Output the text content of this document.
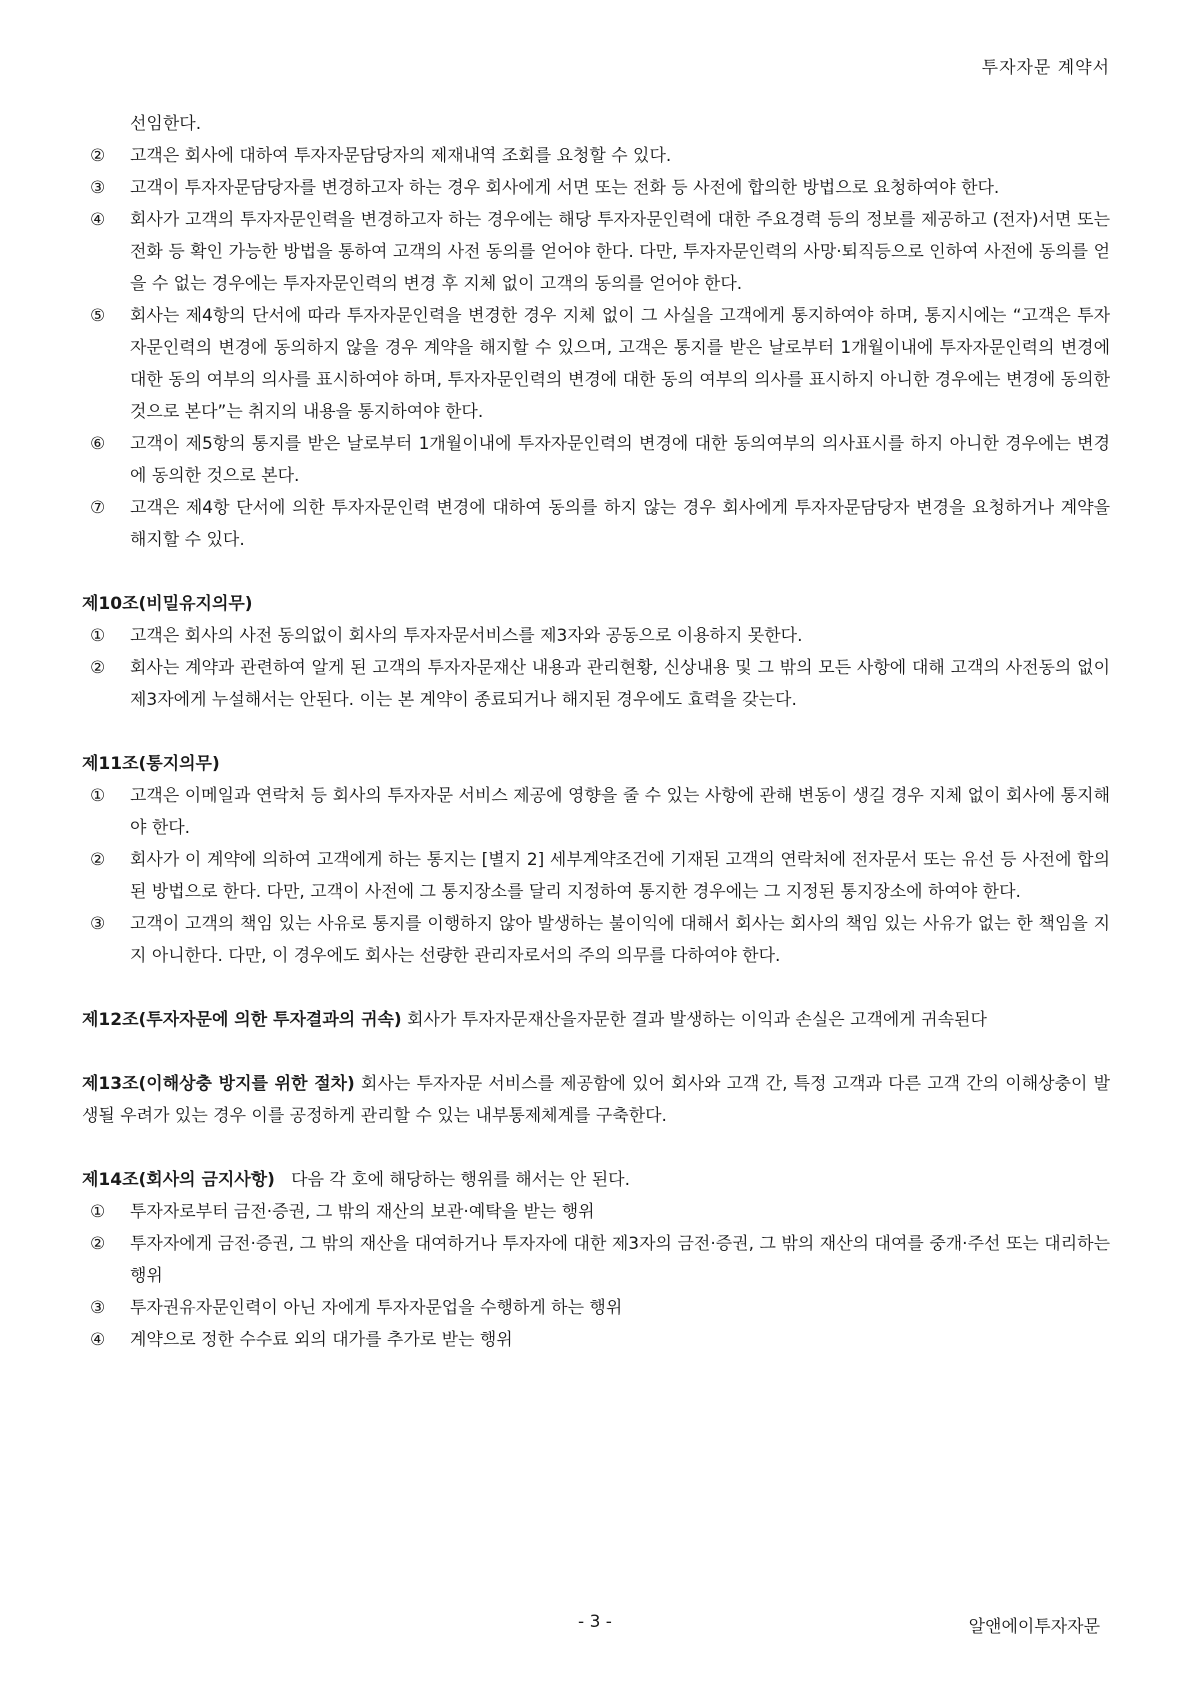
투자자문 계약서
선임한다.
②	고객은 회사에 대하여 투자자문담당자의 제재내역 조회를 요청할 수 있다.
③	고객이 투자자문담당자를 변경하고자 하는 경우 회사에게 서면 또는 전화 등 사전에 합의한 방법으로 요청하여야 한다.
④	회사가 고객의 투자자문인력을 변경하고자 하는 경우에는 해당 투자자문인력에 대한 주요경력 등의 정보를 제공하고 (전자)서면 또는 전화 등 확인 가능한 방법을 통하여 고객의 사전 동의를 얻어야 한다. 다만, 투자자문인력의 사망·퇴직등으로 인하여 사전에 동의를 얻을 수 없는 경우에는 투자자문인력의 변경 후 지체 없이 고객의 동의를 얻어야 한다.
⑤	회사는 제4항의 단서에 따라 투자자문인력을 변경한 경우 지체 없이 그 사실을 고객에게 통지하여야 하며, 통지시에는 “고객은 투자자문인력의 변경에 동의하지 않을 경우 계약을 해지할 수 있으며, 고객은 통지를 받은 날로부터 1개월이내에 투자자문인력의 변경에 대한 동의 여부의 의사를 표시하여야 하며, 투자자문인력의 변경에 대한 동의 여부의 의사를 표시하지 아니한 경우에는 변경에 동의한 것으로 본다”는 취지의 내용을 통지하여야 한다.
⑥	고객이 제5항의 통지를 받은 날로부터 1개월이내에 투자자문인력의 변경에 대한 동의여부의 의사표시를 하지 아니한 경우에는 변경에 동의한 것으로 본다.
⑦	고객은 제4항 단서에 의한 투자자문인력 변경에 대하여 동의를 하지 않는 경우 회사에게 투자자문담당자 변경을 요청하거나 계약을 해지할 수 있다.
제10조(비밀유지의무)
①	고객은 회사의 사전 동의없이 회사의 투자자문서비스를 제3자와 공동으로 이용하지 못한다.
②	회사는 계약과 관련하여 알게 된 고객의 투자자문재산 내용과 관리현황, 신상내용 및 그 밖의 모든 사항에 대해 고객의 사전동의 없이 제3자에게 누설해서는 안된다. 이는 본 계약이 종료되거나 해지된 경우에도 효력을 갖는다.
제11조(통지의무)
①	고객은 이메일과 연락처 등 회사의 투자자문 서비스 제공에 영향을 줄 수 있는 사항에 관해 변동이 생길 경우 지체 없이 회사에 통지해야 한다.
②	회사가 이 계약에 의하여 고객에게 하는 통지는 [별지 2] 세부계약조건에 기재된 고객의 연락처에 전자문서 또는 유선 등 사전에 합의된 방법으로 한다. 다만, 고객이 사전에 그 통지장소를 달리 지정하여 통지한 경우에는 그 지정된 통지장소에 하여야 한다.
③	고객이 고객의 책임 있는 사유로 통지를 이행하지 않아 발생하는 불이익에 대해서 회사는 회사의 책임 있는 사유가 없는 한 책임을 지지 아니한다. 다만, 이 경우에도 회사는 선량한 관리자로서의 주의 의무를 다하여야 한다.
제12조(투자자문에 의한 투자결과의 귀속) 회사가 투자자문재산을자문한 결과 발생하는 이익과 손실은 고객에게 귀속된다
제13조(이해상충 방지를 위한 절차) 회사는 투자자문 서비스를 제공함에 있어 회사와 고객 간, 특정 고객과 다른 고객 간의 이해상충이 발생될 우려가 있는 경우 이를 공정하게 관리할 수 있는 내부통제체계를 구축한다.
제14조(회사의 금지사항) 다음 각 호에 해당하는 행위를 해서는 안 된다.
①	투자자로부터 금전·증권, 그 밖의 재산의 보관·예탁을 받는 행위
②	투자자에게 금전·증권, 그 밖의 재산을 대여하거나 투자자에 대한 제3자의 금전·증권, 그 밖의 재산의 대여를 중개·주선 또는 대리하는 행위
③	투자권유자문인력이 아닌 자에게 투자자문업을 수행하게 하는 행위
④	계약으로 정한 수수료 외의 대가를 추가로 받는 행위
- 3 -	알앤에이투자자문
